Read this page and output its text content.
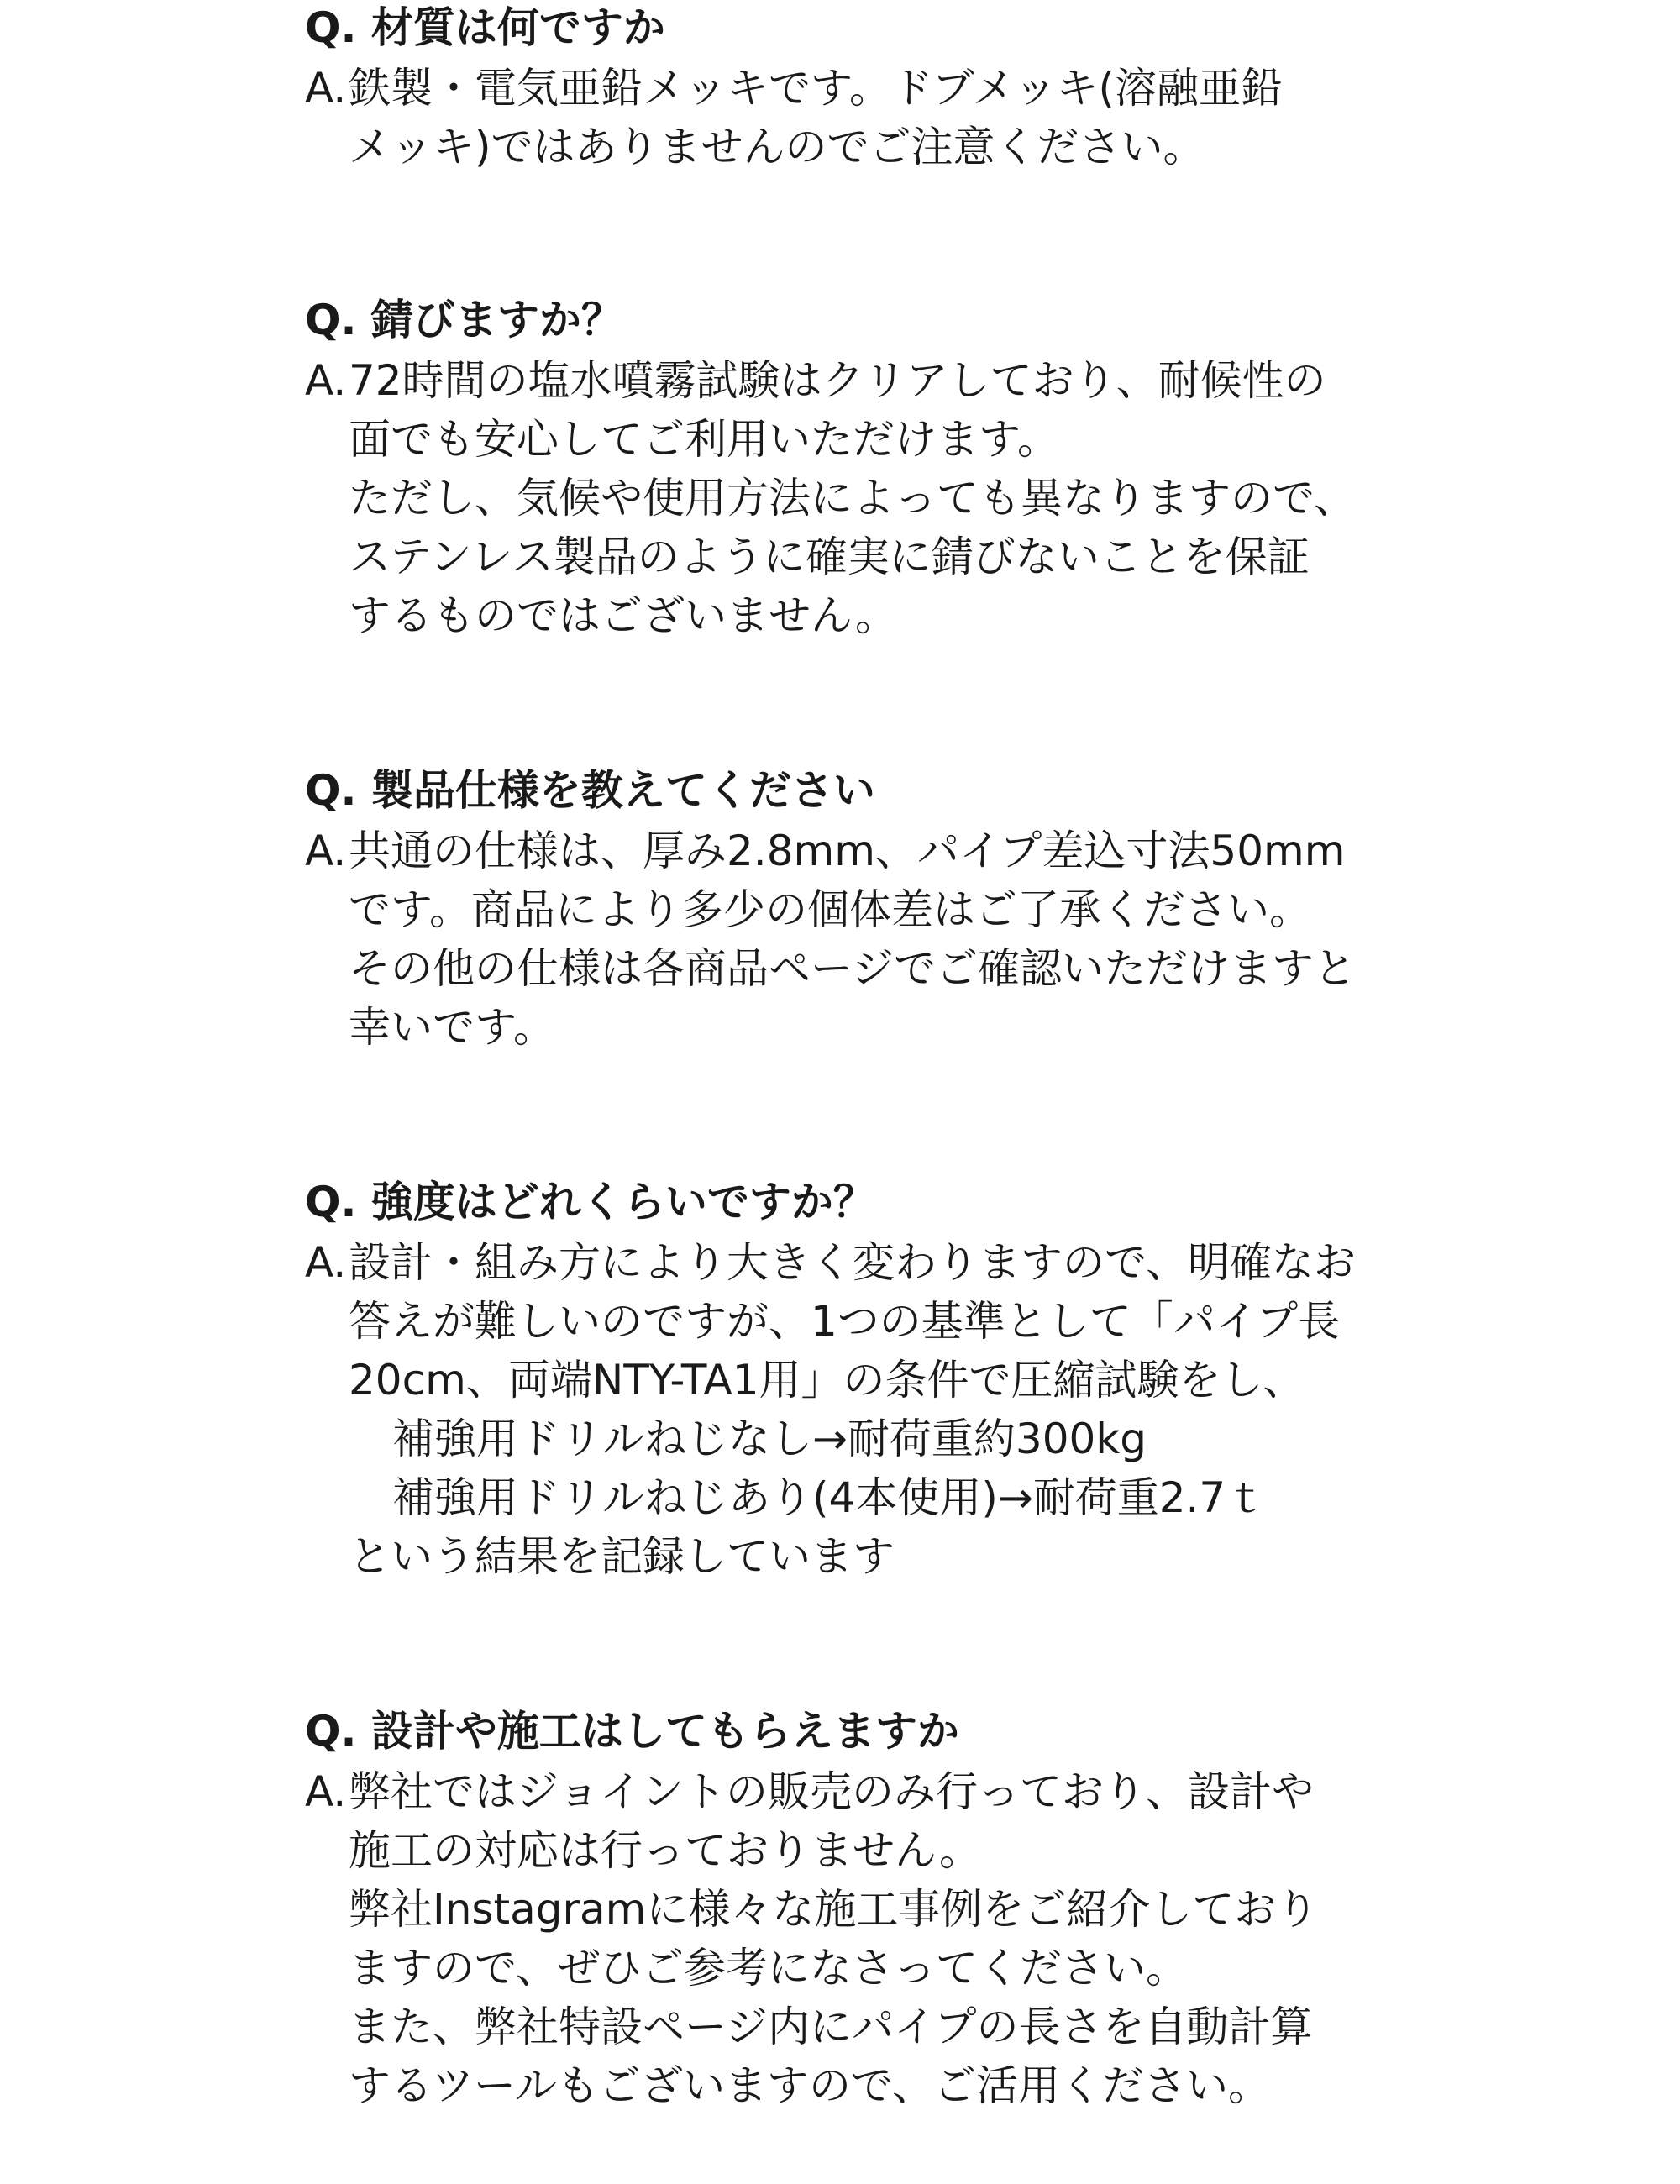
Q. 材質は何ですか
A. 鉄製・電気亜鉛メッキです。ドブメッキ(溶融亜鉛
メッキ)ではありませんのでご注意ください。
Q. 錆びますか？
A. 72時間の塩水噴霧試験はクリアしており、耐候性の
面でも安心してご利用いただけます。
ただし、気候や使用方法によっても異なりますので、
ステンレス製品のように確実に錆びないことを保証
するものではございません。
Q. 製品仕様を教えてください
A. 共通の仕様は、厚み2.8mm、パイプ差込寸法50mm
です。商品により多少の個体差はご了承ください。
その他の仕様は各商品ページでご確認いただけますと
幸いです。
Q. 強度はどれくらいですか？
A. 設計・組み方により大きく変わりますので、明確なお
答えが難しいのですが、1つの基準として「パイプ長
20cm、両端NTY-TA1用」の条件で圧縮試験をし、
補強用ドリルねじなし→耐荷重約300kg
補強用ドリルねじあり(4本使用)→耐荷重2.7ｔ
という結果を記録しています
Q. 設計や施工はしてもらえますか
A. 弊社ではジョイントの販売のみ行っており、設計や
施工の対応は行っておりません。
弊社Instagramに様々な施工事例をご紹介しており
ますので、ぜひご参考になさってください。
また、弊社特設ページ内にパイプの長さを自動計算
するツールもございますので、ご活用ください。
